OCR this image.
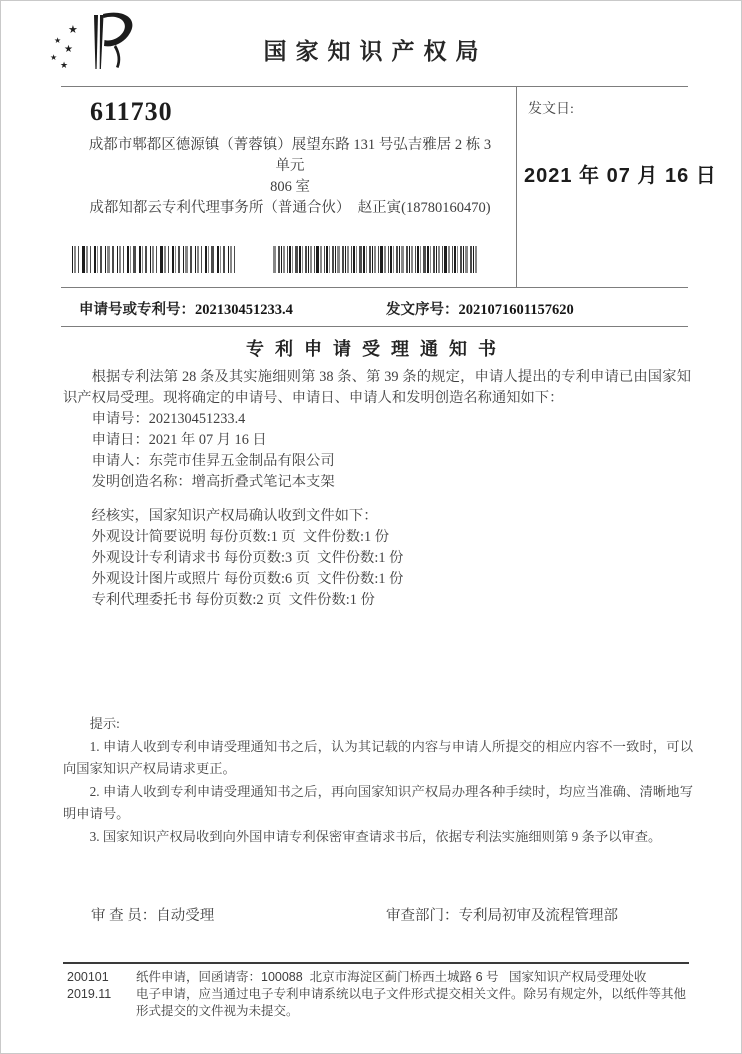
★
★
★
★
★
国家知识产权局
611730
成都市郫都区德源镇（菁蓉镇）展望东路 131 号弘吉雅居 2 栋 3 单元
806 室
成都知都云专利代理事务所（普通合伙）  赵正寅(18780160470)
发文日:
2021 年 07 月 16 日
申请号或专利号：202130451233.4	发文序号：2021071601157620
专利申请受理通知书

根据专利法第 28 条及其实施细则第 38 条、第 39 条的规定，申请人提出的专利申请已由国家知识产权局受理。现将确定的申请号、申请日、申请人和发明创造名称通知如下：

申请号：202130451233.4
申请日：2021 年 07 月 16 日
申请人：东莞市佳昇五金制品有限公司
发明创造名称：增高折叠式笔记本支架
经核实，国家知识产权局确认收到文件如下：
外观设计简要说明 每份页数:1 页  文件份数:1 份
外观设计专利请求书 每份页数:3 页  文件份数:1 份
外观设计图片或照片 每份页数:6 页  文件份数:1 份
专利代理委托书 每份页数:2 页  文件份数:1 份

提示:

1. 申请人收到专利申请受理通知书之后，认为其记载的内容与申请人所提交的相应内容不一致时，可以向国家知识产权局请求更正。

2. 申请人收到专利申请受理通知书之后，再向国家知识产权局办理各种手续时，均应当准确、清晰地写明申请号。

3. 国家知识产权局收到向外国申请专利保密审查请求书后，依据专利法实施细则第 9 条予以审查。

审 查 员：自动受理	审查部门：专利局初审及流程管理部
200101	纸件申请，回函请寄：100088  北京市海淀区蓟门桥西土城路 6 号   国家知识产权局受理处收
2019.11	电子申请，应当通过电子专利申请系统以电子文件形式提交相关文件。除另有规定外，以纸件等其他形式提交的文件视为未提交。
